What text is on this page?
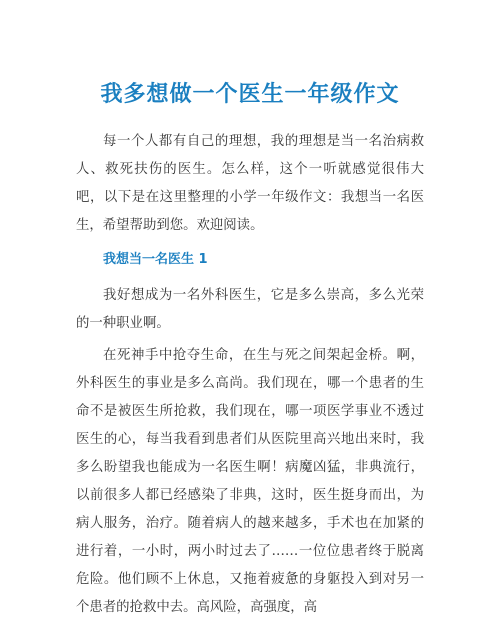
我多想做一个医生一年级作文

每一个人都有自己的理想，我的理想是当一名治病救人、救死扶伤的医生。怎么样，这个一听就感觉很伟大吧，以下是在这里整理的小学一年级作文：我想当一名医生，希望帮助到您。欢迎阅读。

我想当一名医生 1

我好想成为一名外科医生，它是多么崇高，多么光荣的一种职业啊。

在死神手中抢夺生命，在生与死之间架起金桥。啊，外科医生的事业是多么高尚。我们现在，哪一个患者的生命不是被医生所抢救，我们现在，哪一项医学事业不透过医生的心，每当我看到患者们从医院里高兴地出来时，我多么盼望我也能成为一名医生啊！病魔凶猛，非典流行，以前很多人都已经感染了非典，这时，医生挺身而出，为病人服务，治疗。随着病人的越来越多，手术也在加紧的进行着，一小时，两小时过去了……一位位患者终于脱离危险。他们顾不上休息，又拖着疲惫的身躯投入到对另一个患者的抢救中去。高风险，高强度，高
